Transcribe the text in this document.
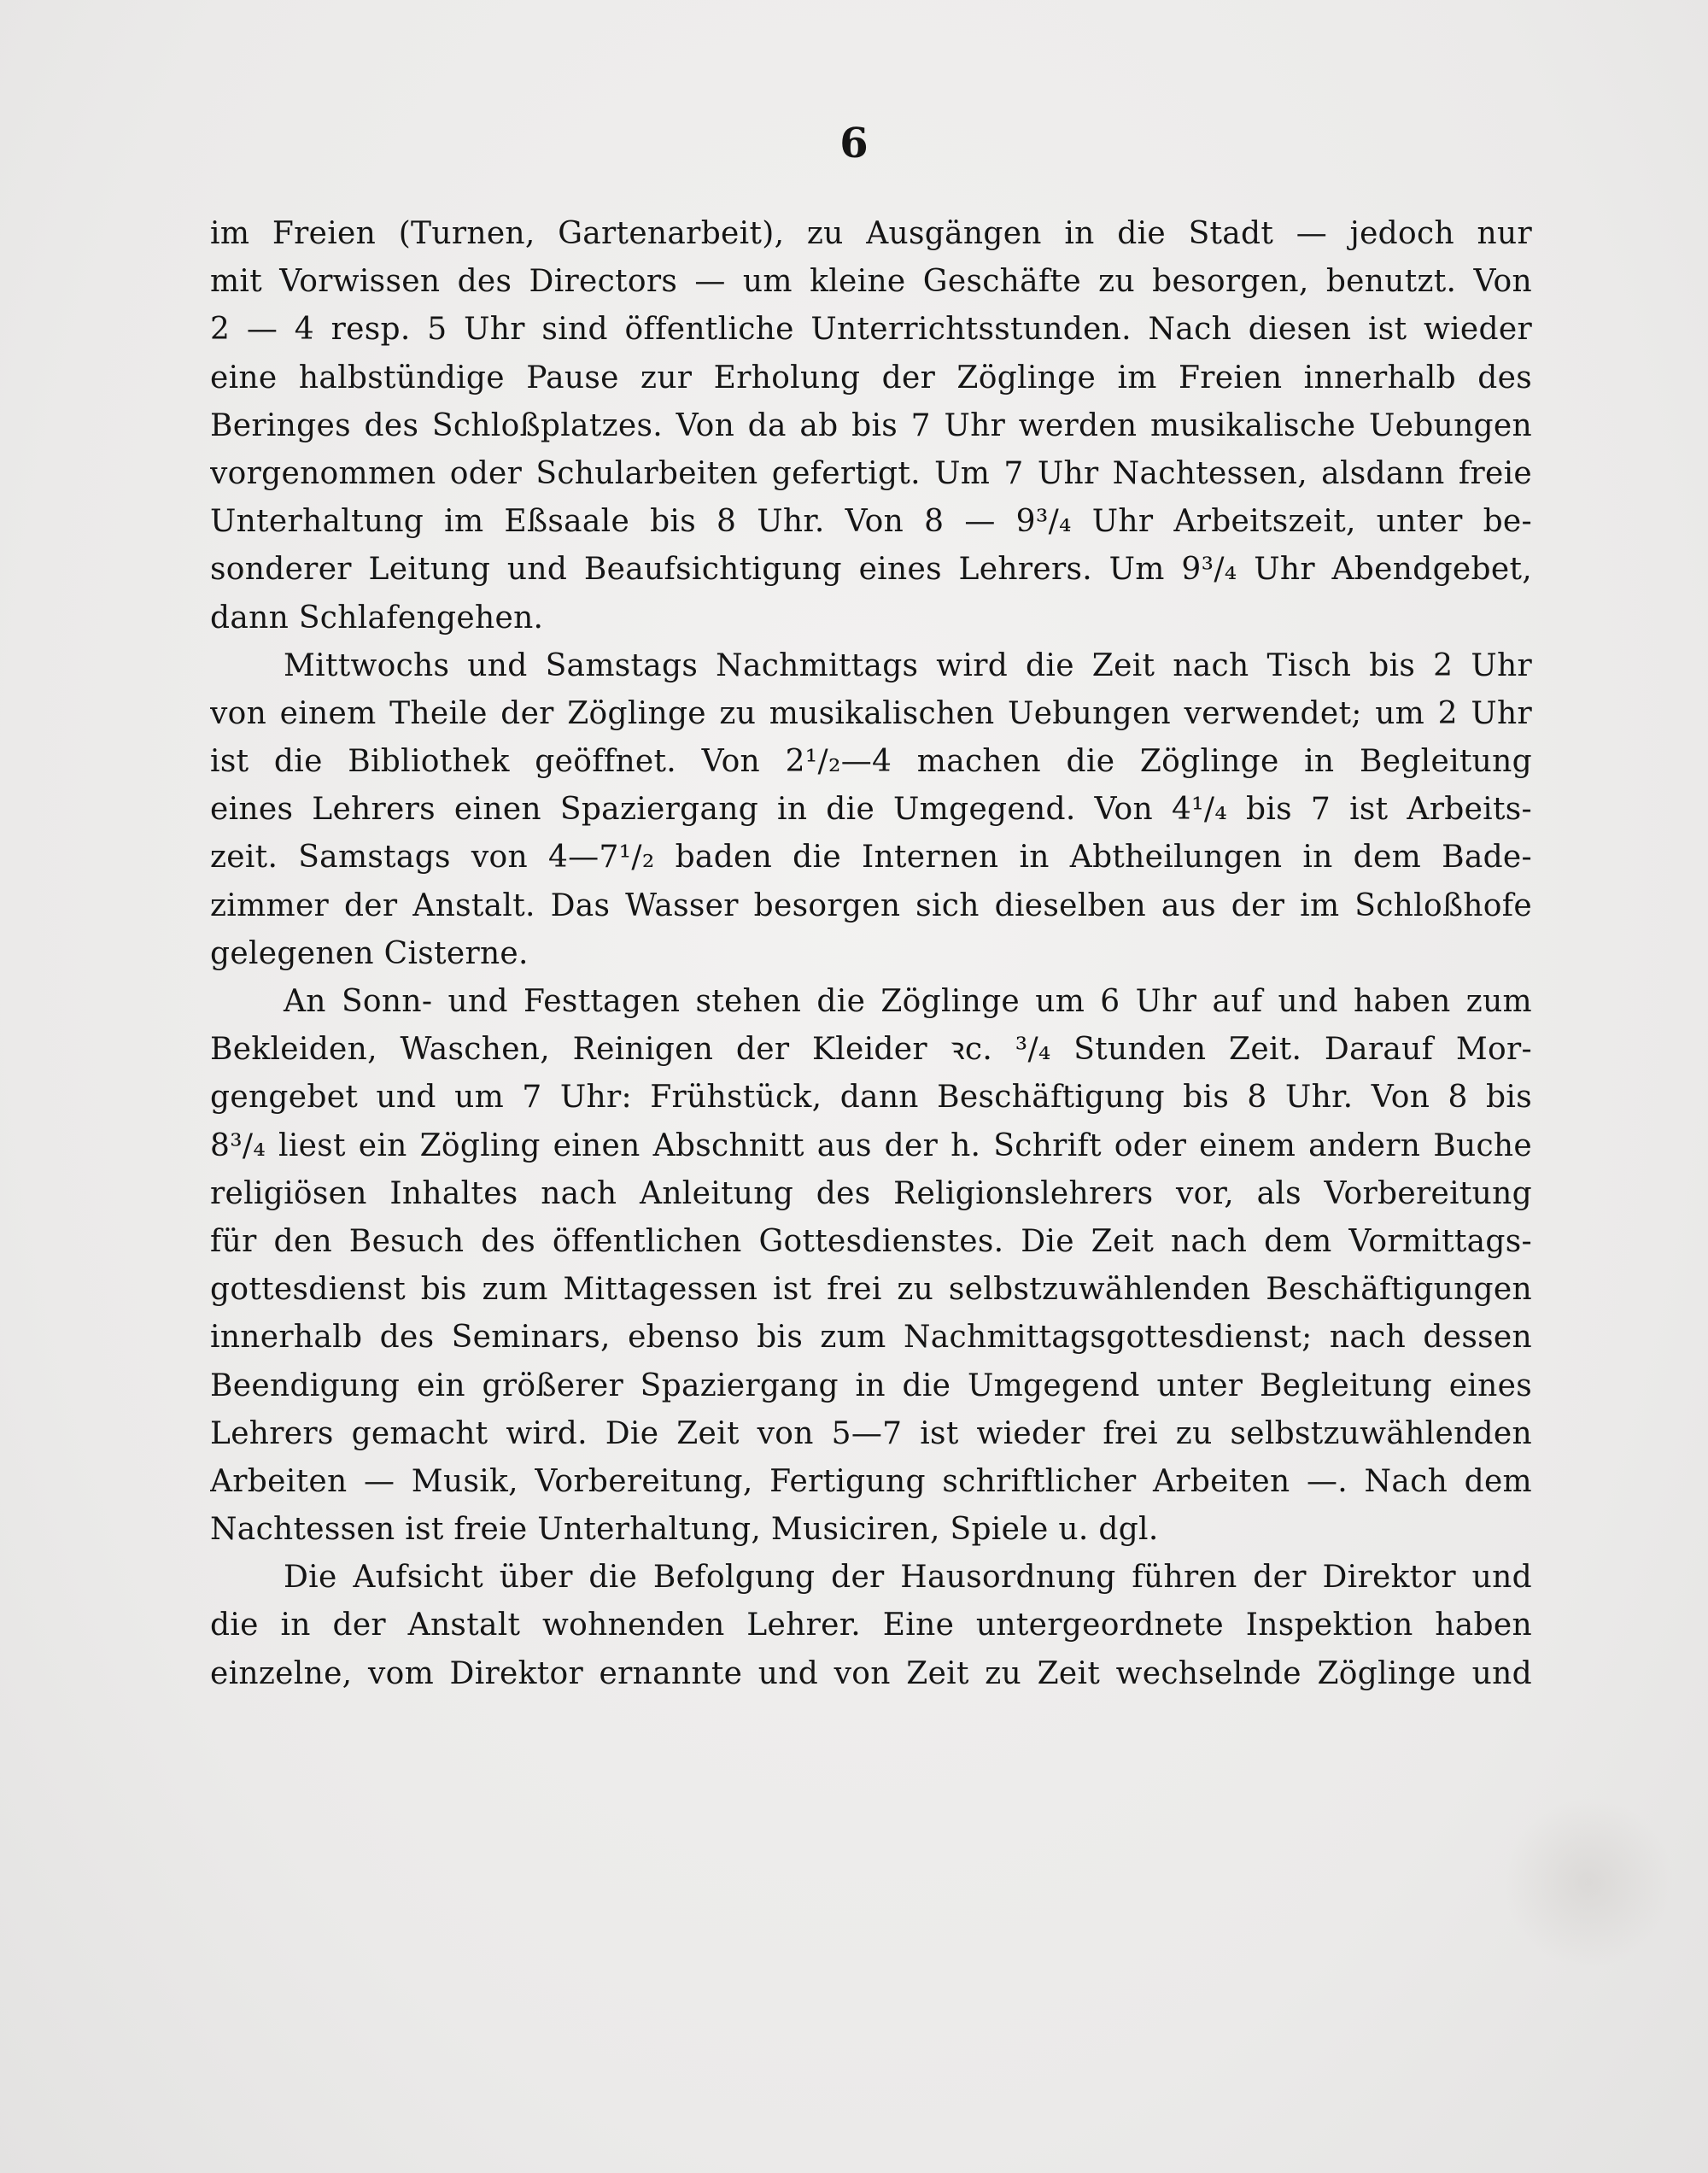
6
im Freien (Turnen, Gartenarbeit), zu Ausgängen in die Stadt — jedoch nur
mit Vorwissen des Directors — um kleine Geschäfte zu besorgen, benutzt. Von
2 — 4 resp. 5 Uhr sind öffentliche Unterrichtsstunden. Nach diesen ist wieder
eine halbstündige Pause zur Erholung der Zöglinge im Freien innerhalb des
Beringes des Schloßplatzes. Von da ab bis 7 Uhr werden musikalische Uebungen
vorgenommen oder Schularbeiten gefertigt. Um 7 Uhr Nachtessen, alsdann freie
Unterhaltung im Eßsaale bis 8 Uhr. Von 8 — 9³/₄ Uhr Arbeitszeit, unter be-
sonderer Leitung und Beaufsichtigung eines Lehrers. Um 9³/₄ Uhr Abendgebet,
dann Schlafengehen.
Mittwochs und Samstags Nachmittags wird die Zeit nach Tisch bis 2 Uhr
von einem Theile der Zöglinge zu musikalischen Uebungen verwendet; um 2 Uhr
ist die Bibliothek geöffnet. Von 2¹/₂—4 machen die Zöglinge in Begleitung
eines Lehrers einen Spaziergang in die Umgegend. Von 4¹/₄ bis 7 ist Arbeits-
zeit. Samstags von 4—7¹/₂ baden die Internen in Abtheilungen in dem Bade-
zimmer der Anstalt. Das Wasser besorgen sich dieselben aus der im Schloßhofe
gelegenen Cisterne.
An Sonn- und Festtagen stehen die Zöglinge um 6 Uhr auf und haben zum
Bekleiden, Waschen, Reinigen der Kleider ꝛc. ³/₄ Stunden Zeit. Darauf Mor-
gengebet und um 7 Uhr: Frühstück, dann Beschäftigung bis 8 Uhr. Von 8 bis
8³/₄ liest ein Zögling einen Abschnitt aus der h. Schrift oder einem andern Buche
religiösen Inhaltes nach Anleitung des Religionslehrers vor, als Vorbereitung
für den Besuch des öffentlichen Gottesdienstes. Die Zeit nach dem Vormittags-
gottesdienst bis zum Mittagessen ist frei zu selbstzuwählenden Beschäftigungen
innerhalb des Seminars, ebenso bis zum Nachmittagsgottesdienst; nach dessen
Beendigung ein größerer Spaziergang in die Umgegend unter Begleitung eines
Lehrers gemacht wird. Die Zeit von 5—7 ist wieder frei zu selbstzuwählenden
Arbeiten — Musik, Vorbereitung, Fertigung schriftlicher Arbeiten —. Nach dem
Nachtessen ist freie Unterhaltung, Musiciren, Spiele u. dgl.
Die Aufsicht über die Befolgung der Hausordnung führen der Direktor und
die in der Anstalt wohnenden Lehrer. Eine untergeordnete Inspektion haben
einzelne, vom Direktor ernannte und von Zeit zu Zeit wechselnde Zöglinge und
